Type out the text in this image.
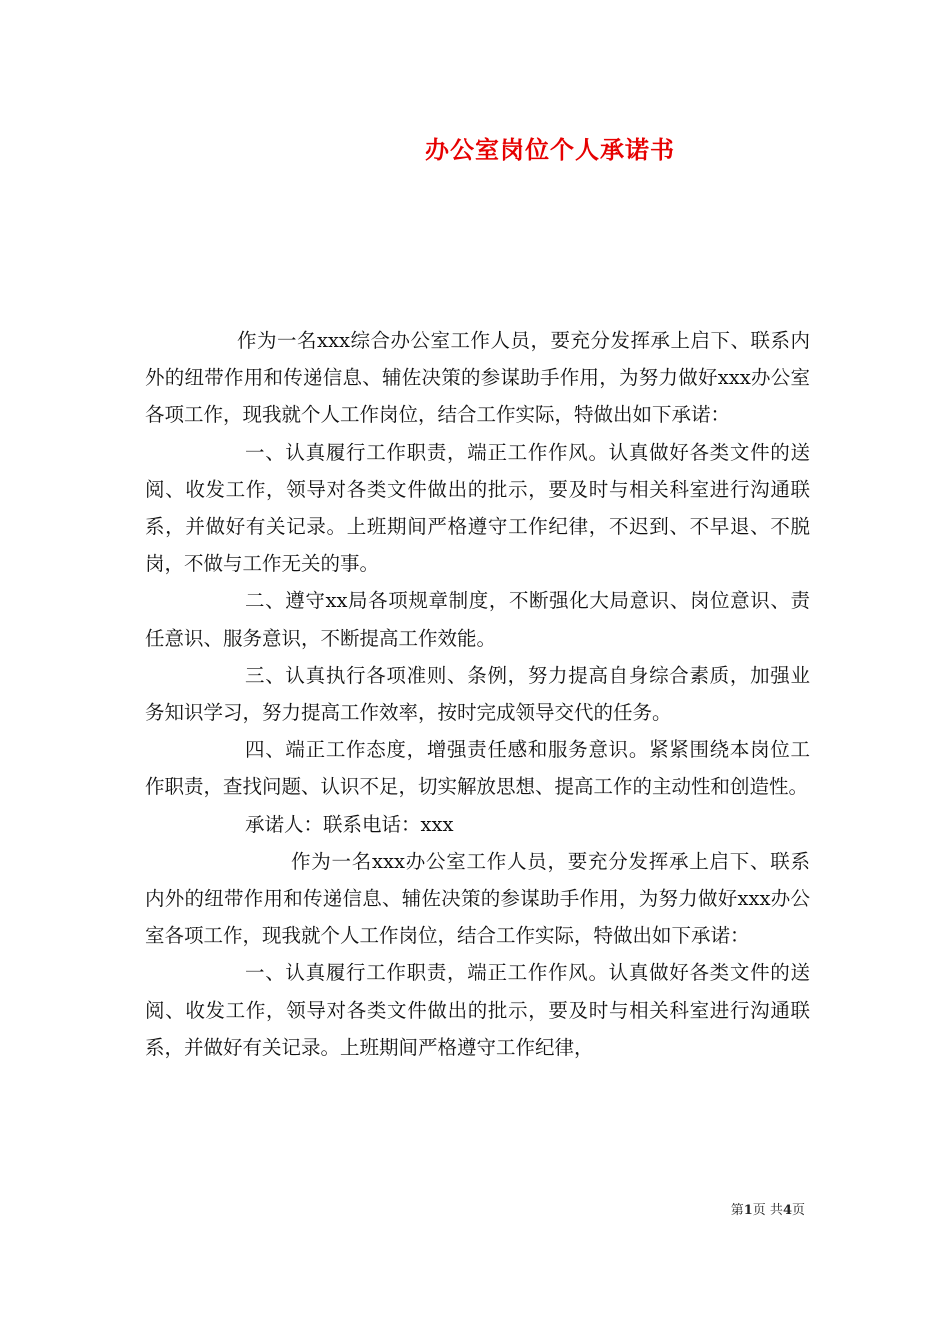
办公室岗位个人承诺书

作为一名xxx综合办公室工作人员，要充分发挥承上启下、联系内外的纽带作用和传递信息、辅佐决策的参谋助手作用，为努力做好xxx办公室各项工作，现我就个人工作岗位，结合工作实际，特做出如下承诺：

一、认真履行工作职责，端正工作作风。认真做好各类文件的送阅、收发工作，领导对各类文件做出的批示，要及时与相关科室进行沟通联系，并做好有关记录。上班期间严格遵守工作纪律，不迟到、不早退、不脱岗，不做与工作无关的事。

二、遵守xx局各项规章制度，不断强化大局意识、岗位意识、责任意识、服务意识，不断提高工作效能。

三、认真执行各项准则、条例，努力提高自身综合素质，加强业务知识学习，努力提高工作效率，按时完成领导交代的任务。

四、端正工作态度，增强责任感和服务意识。紧紧围绕本岗位工作职责，查找问题、认识不足，切实解放思想、提高工作的主动性和创造性。

承诺人：联系电话：xxx

作为一名xxx办公室工作人员，要充分发挥承上启下、联系内外的纽带作用和传递信息、辅佐决策的参谋助手作用，为努力做好xxx办公室各项工作，现我就个人工作岗位，结合工作实际，特做出如下承诺：

一、认真履行工作职责，端正工作作风。认真做好各类文件的送阅、收发工作，领导对各类文件做出的批示，要及时与相关科室进行沟通联系，并做好有关记录。上班期间严格遵守工作纪律，

第1页 共4页
